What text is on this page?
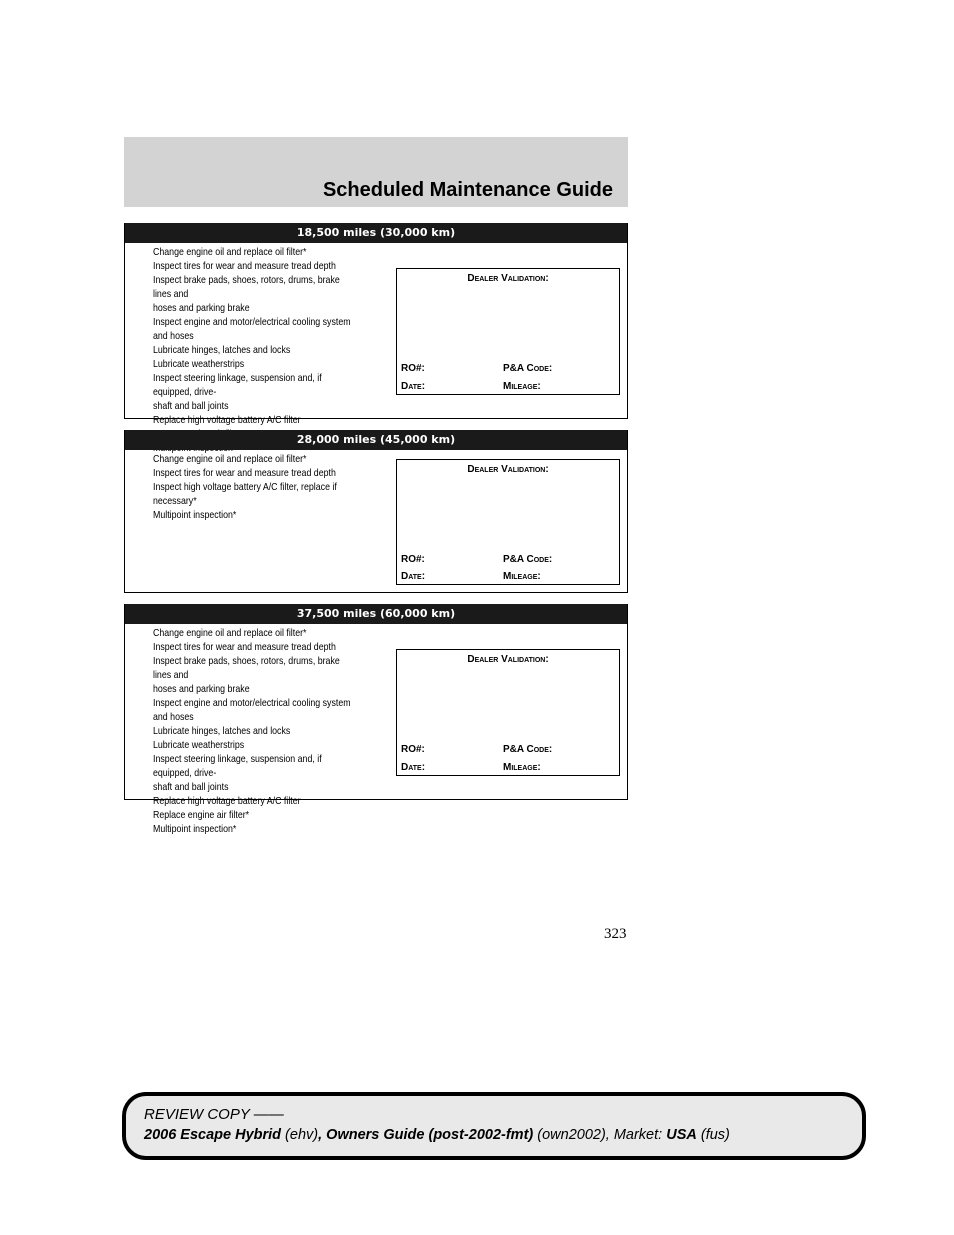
Scheduled Maintenance Guide
18,500 miles (30,000 km)
Change engine oil and replace oil filter*
Inspect tires for wear and measure tread depth
Inspect brake pads, shoes, rotors, drums, brake lines and
hoses and parking brake
Inspect engine and motor/electrical cooling system and hoses
Lubricate hinges, latches and locks
Lubricate weatherstrips
Inspect steering linkage, suspension and, if equipped, drive-
shaft and ball joints
Replace high voltage battery A/C filter
Dealer Validation:
RO#:	P&A Code:
Date:	Mileage:
28,000 miles (45,000 km)
Change engine oil and replace oil filter*
Inspect tires for wear and measure tread depth
Inspect high voltage battery A/C filter, replace if necessary*
Multipoint inspection*
Dealer Validation:
RO#:	P&A Code:
Date:	Mileage:
37,500 miles (60,000 km)
Change engine oil and replace oil filter*
Inspect tires for wear and measure tread depth
Inspect brake pads, shoes, rotors, drums, brake lines and
hoses and parking brake
Inspect engine and motor/electrical cooling system and hoses
Lubricate hinges, latches and locks
Lubricate weatherstrips
Inspect steering linkage, suspension and, if equipped, drive-
shaft and ball joints
Replace high voltage battery A/C filter
Replace engine air filter*
Multipoint inspection*
Dealer Validation:
RO#:	P&A Code:
Date:	Mileage:
323
REVIEW COPY ——
2006 Escape Hybrid (ehv), Owners Guide (post-2002-fmt) (own2002), Market: USA (fus)
